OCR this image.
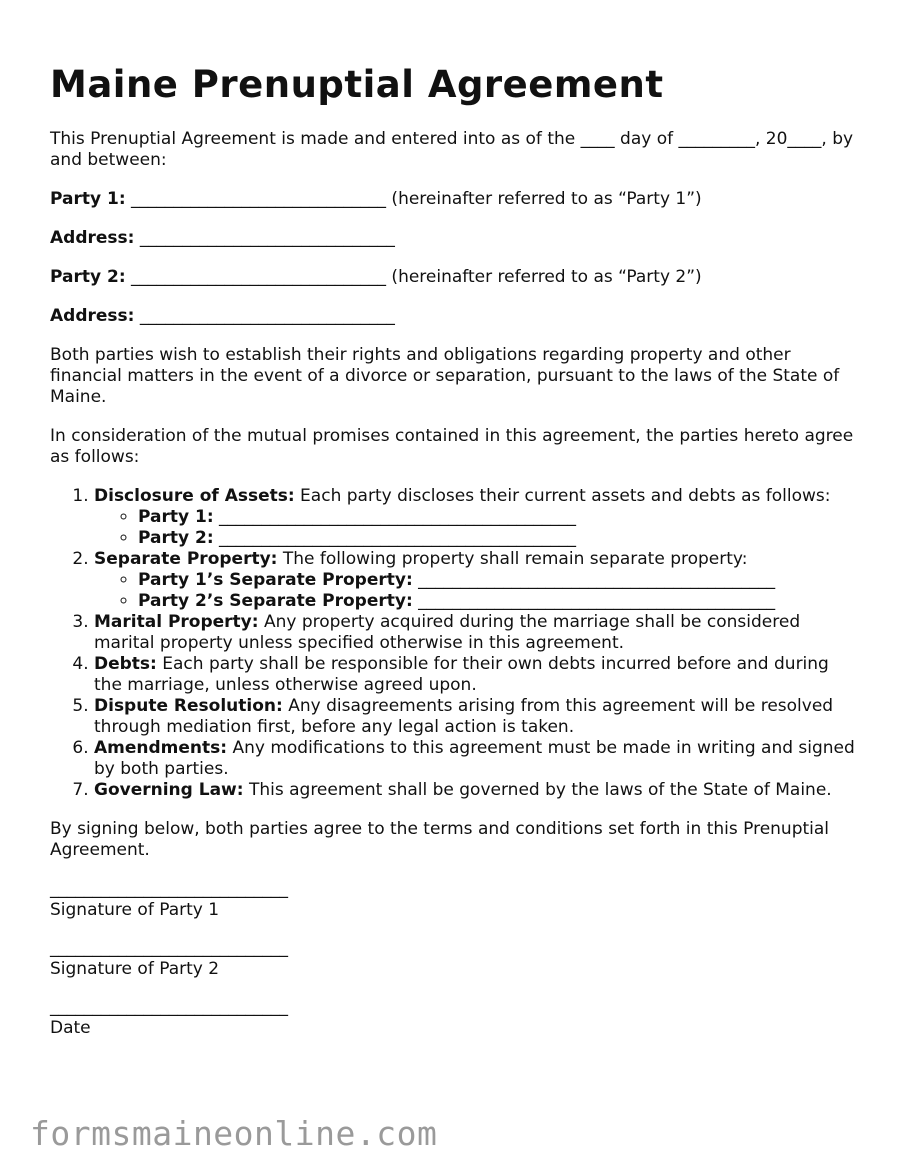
Maine Prenuptial Agreement

This Prenuptial Agreement is made and entered into as of the ____ day of _________, 20____, by and between:

Party 1: ______________________________ (hereinafter referred to as “Party 1”)

Address: ______________________________

Party 2: ______________________________ (hereinafter referred to as “Party 2”)

Address: ______________________________

Both parties wish to establish their rights and obligations regarding property and other financial matters in the event of a divorce or separation, pursuant to the laws of the State of Maine.

In consideration of the mutual promises contained in this agreement, the parties hereto agree as follows:

1. Disclosure of Assets: Each party discloses their current assets and debts as follows:
◦ Party 1: __________________________________________
◦ Party 2: __________________________________________
2. Separate Property: The following property shall remain separate property:
◦ Party 1’s Separate Property: __________________________________________
◦ Party 2’s Separate Property: __________________________________________
3. Marital Property: Any property acquired during the marriage shall be considered marital property unless specified otherwise in this agreement.
4. Debts: Each party shall be responsible for their own debts incurred before and during the marriage, unless otherwise agreed upon.
5. Dispute Resolution: Any disagreements arising from this agreement will be resolved through mediation first, before any legal action is taken.
6. Amendments: Any modifications to this agreement must be made in writing and signed by both parties.
7. Governing Law: This agreement shall be governed by the laws of the State of Maine.

By signing below, both parties agree to the terms and conditions set forth in this Prenuptial Agreement.

____________________________
Signature of Party 1
____________________________
Signature of Party 2
____________________________
Date
formsmaineonline.com
